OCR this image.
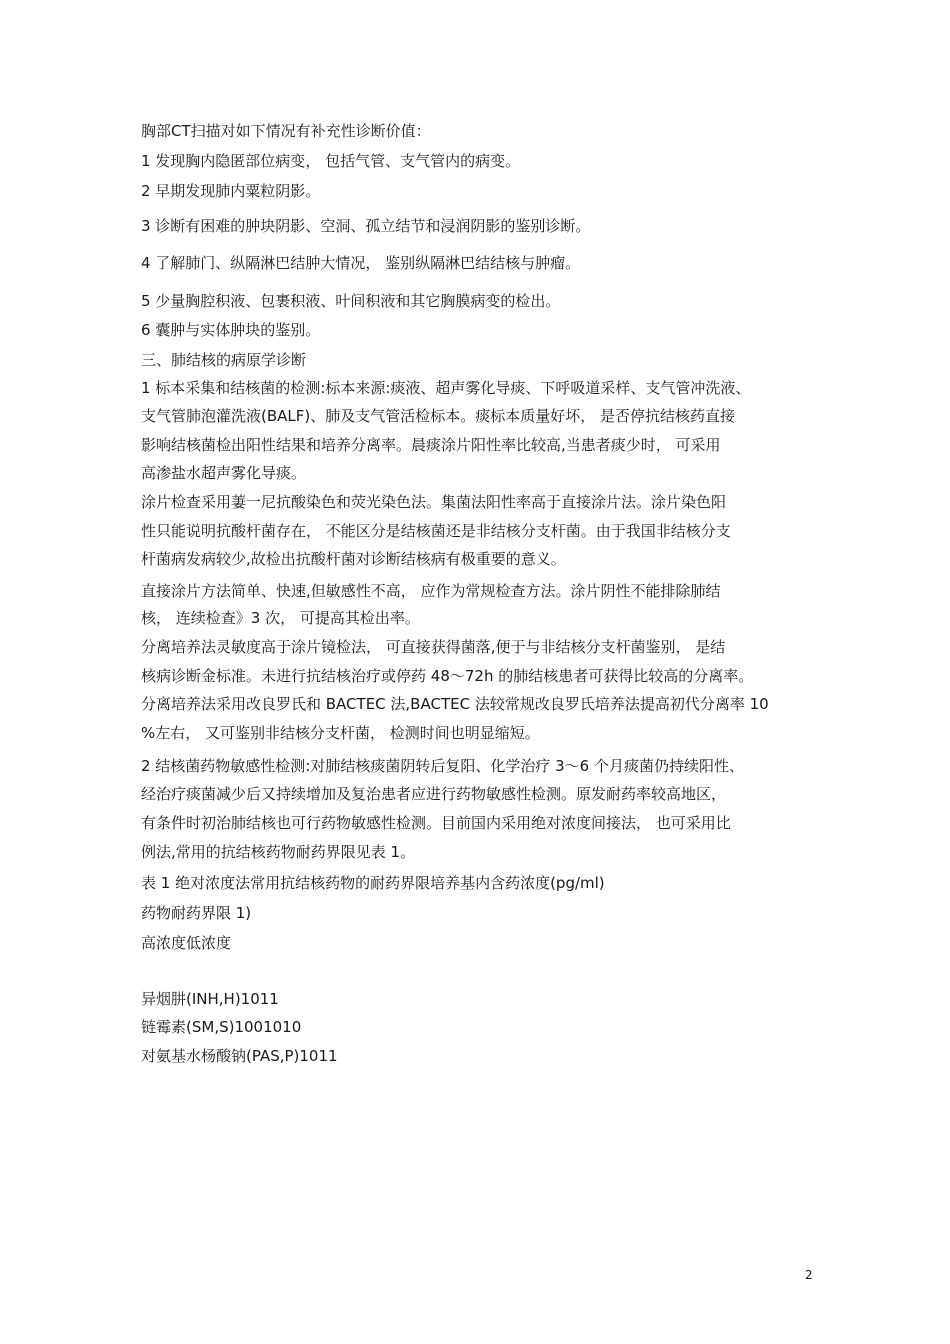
胸部CT扫描对如下情况有补充性诊断价值：
1 发现胸内隐匿部位病变， 包括气管、支气管内的病变。
2 早期发现肺内粟粒阴影。
3 诊断有困难的肿块阴影、空洞、孤立结节和浸润阴影的鉴别诊断。
4 了解肺门、纵隔淋巴结肿大情况， 鉴别纵隔淋巴结结核与肿瘤。
5 少量胸腔积液、包裹积液、叶间积液和其它胸膜病变的检出。
6 囊肿与实体肿块的鉴别。
三、肺结核的病原学诊断
1 标本采集和结核菌的检测:标本来源:痰液、超声雾化导痰、下呼吸道采样、支气管冲洗液、
支气管肺泡灌洗液(BALF)、肺及支气管活检标本。痰标本质量好坏， 是否停抗结核药直接
影响结核菌检出阳性结果和培养分离率。晨痰涂片阳性率比较高,当患者痰少时， 可采用
高渗盐水超声雾化导痰。
涂片检查采用萋一尼抗酸染色和荧光染色法。集菌法阳性率高于直接涂片法。涂片染色阳
性只能说明抗酸杆菌存在， 不能区分是结核菌还是非结核分支杆菌。由于我国非结核分支
杆菌病发病较少,故检出抗酸杆菌对诊断结核病有极重要的意义。
直接涂片方法简单、快速,但敏感性不高， 应作为常规检查方法。涂片阴性不能排除肺结
核， 连续检查》3 次， 可提高其检出率。
分离培养法灵敏度高于涂片镜检法， 可直接获得菌落,便于与非结核分支杆菌鉴别， 是结
核病诊断金标准。未进行抗结核治疗或停药 48～72h 的肺结核患者可获得比较高的分离率。
分离培养法采用改良罗氏和 BACTEC 法,BACTEC 法较常规改良罗氏培养法提高初代分离率 10
%左右， 又可鉴别非结核分支杆菌， 检测时间也明显缩短。
2 结核菌药物敏感性检测:对肺结核痰菌阴转后复阳、化学治疗 3～6 个月痰菌仍持续阳性、
经治疗痰菌减少后又持续增加及复治患者应进行药物敏感性检测。原发耐药率较高地区，
有条件时初治肺结核也可行药物敏感性检测。目前国内采用绝对浓度间接法， 也可采用比
例法,常用的抗结核药物耐药界限见表 1。
表 1 绝对浓度法常用抗结核药物的耐药界限培养基内含药浓度(pg/ml)
药物耐药界限 1)
高浓度低浓度
异烟肼(INH,H)1011
链霉素(SM,S)1001010
对氨基水杨酸钠(PAS,P)1011
2
